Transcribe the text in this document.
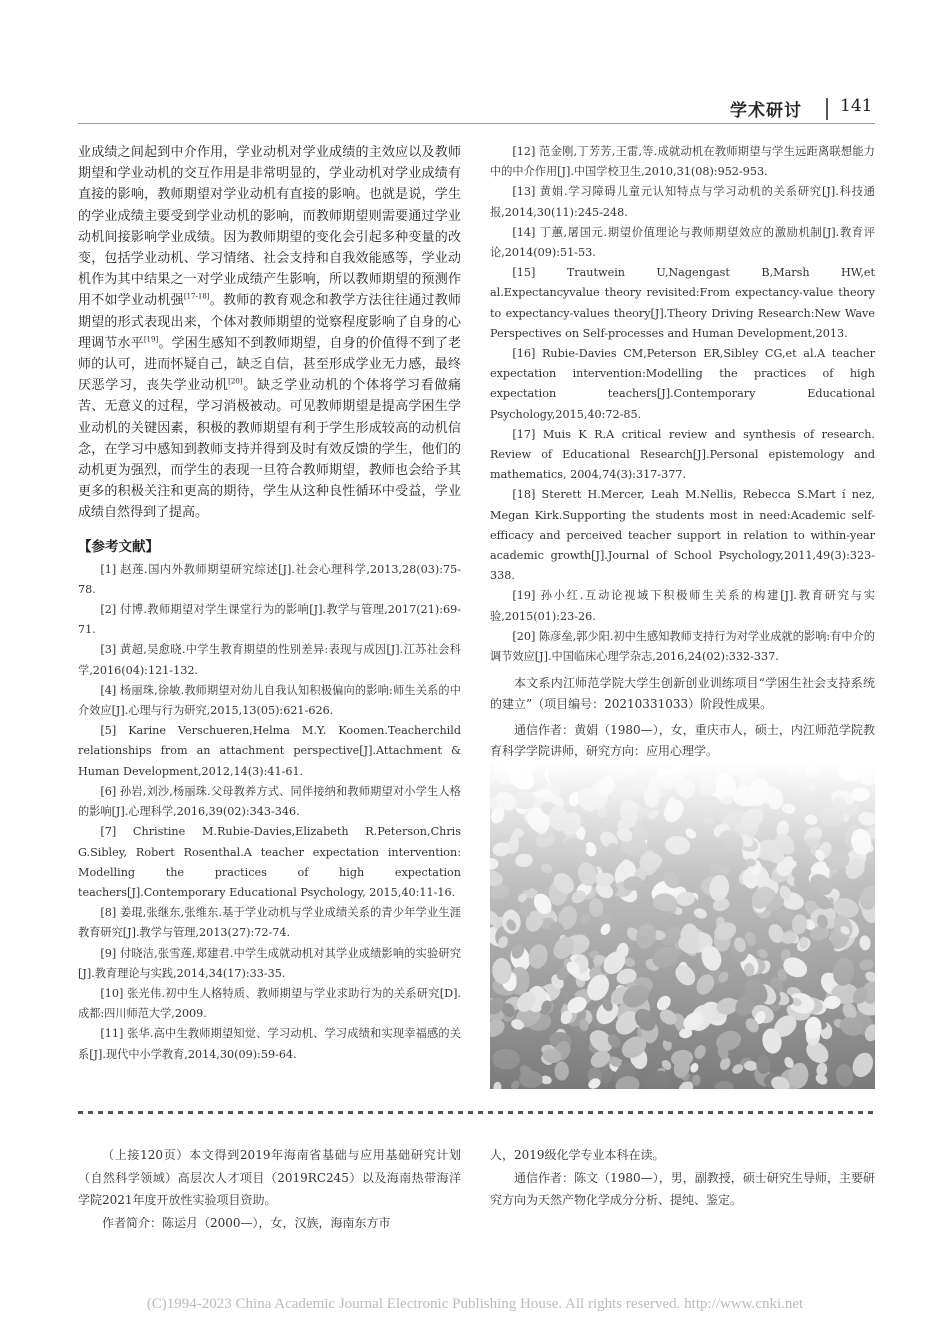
学术研讨 141

业成绩之间起到中介作用，学业动机对学业成绩的主效应以及教师期望和学业动机的交互作用是非常明显的，学业动机对学业成绩有直接的影响，教师期望对学业动机有直接的影响。也就是说，学生的学业成绩主要受到学业动机的影响，而教师期望则需要通过学业动机间接影响学业成绩。因为教师期望的变化会引起多种变量的改变，包括学业动机、学习情绪、社会支持和自我效能感等，学业动机作为其中结果之一对学业成绩产生影响，所以教师期望的预测作用不如学业动机强[17-18]。教师的教育观念和教学方法往往通过教师期望的形式表现出来，个体对教师期望的觉察程度影响了自身的心理调节水平[19]。学困生感知不到教师期望，自身的价值得不到了老师的认可，进而怀疑自己，缺乏自信，甚至形成学业无力感，最终厌恶学习，丧失学业动机[20]。缺乏学业动机的个体将学习看做痛苦、无意义的过程，学习消极被动。可见教师期望是提高学困生学业动机的关键因素，积极的教师期望有利于学生形成较高的动机信念，在学习中感知到教师支持并得到及时有效反馈的学生，他们的动机更为强烈，而学生的表现一旦符合教师期望，教师也会给予其更多的积极关注和更高的期待，学生从这种良性循环中受益，学业成绩自然得到了提高。

【参考文献】

[1] 赵莲.国内外教师期望研究综述[J].社会心理科学,2013,28(03):75-78.

[2] 付博.教师期望对学生课堂行为的影响[J].教学与管理,2017(21):69-71.

[3] 黄超,吴愈晓.中学生教育期望的性别差异:表现与成因[J].江苏社会科学,2016(04):121-132.

[4] 杨丽珠,徐敏.教师期望对幼儿自我认知积极偏向的影响:师生关系的中介效应[J].心理与行为研究,2015,13(05):621-626.

[5] Karine Verschueren,Helma M.Y. Koomen.Teacherchild relationships from an attachment perspective[J].Attachment & Human Development,2012,14(3):41-61.

[6] 孙岩,刘沙,杨丽珠.父母教养方式、同伴接纳和教师期望对小学生人格的影响[J].心理科学,2016,39(02):343-346.

[7] Christine M.Rubie-Davies,Elizabeth R.Peterson,Chris G.Sibley, Robert Rosenthal.A teacher expectation intervention: Modelling the practices of high expectation teachers[J].Contemporary Educational Psychology, 2015,40:11-16.

[8] 姜琨,张继东,张维东.基于学业动机与学业成绩关系的青少年学业生涯教育研究[J].教学与管理,2013(27):72-74.

[9] 付晓洁,张雪莲,郑建君.中学生成就动机对其学业成绩影响的实验研究[J].教育理论与实践,2014,34(17):33-35.

[10] 张光伟.初中生人格特质、教师期望与学业求助行为的关系研究[D].成都:四川师范大学,2009.

[11] 张华.高中生教师期望知觉、学习动机、学习成绩和实现幸福感的关系[J].现代中小学教育,2014,30(09):59-64.

[12] 范金刚,丁芳芳,王雷,等.成就动机在教师期望与学生远距离联想能力中的中介作用[J].中国学校卫生,2010,31(08):952-953.

[13] 黄娟.学习障碍儿童元认知特点与学习动机的关系研究[J].科技通报,2014,30(11):245-248.

[14] 丁蕙,屠国元.期望价值理论与教师期望效应的激励机制[J].教育评论,2014(09):51-53.

[15] Trautwein U,Nagengast B,Marsh HW,et al.Expectancyvalue theory revisited:From expectancy-value theory to expectancy-values theory[J].Theory Driving Research:New Wave Perspectives on Self-processes and Human Development,2013.

[16] Rubie-Davies CM,Peterson ER,Sibley CG,et al.A teacher expectation intervention:Modelling the practices of high expectation teachers[J].Contemporary Educational Psychology,2015,40:72-85.

[17] Muis K R.A critical review and synthesis of research. Review of Educational Research[J].Personal epistemology and mathematics, 2004,74(3):317-377.

[18] Sterett H.Mercer, Leah M.Nellis, Rebecca S.Mart í nez, Megan Kirk.Supporting the students most in need:Academic self-efficacy and perceived teacher support in relation to within-year academic growth[J].Journal of School Psychology,2011,49(3):323-338.

[19] 孙小红.互动论视域下积极师生关系的构建[J].教育研究与实验,2015(01):23-26.

[20] 陈彦垒,郭少阳.初中生感知教师支持行为对学业成就的影响:有中介的调节效应[J].中国临床心理学杂志,2016,24(02):332-337.

本文系内江师范学院大学生创新创业训练项目“学困生社会支持系统的建立”（项目编号：20210331033）阶段性成果。

通信作者：黄娟（1980—），女，重庆市人，硕士，内江师范学院教育科学学院讲师，研究方向：应用心理学。

（上接120页）本文得到2019年海南省基础与应用基础研究计划（自然科学领域）高层次人才项目（2019RC245）以及海南热带海洋学院2021年度开放性实验项目资助。

作者简介：陈运月（2000—），女，汉族，海南东方市

人，2019级化学专业本科在读。

通信作者：陈文（1980—），男，副教授，硕士研究生导师，主要研究方向为天然产物化学成分分析、提纯、鉴定。

(C)1994-2023 China Academic Journal Electronic Publishing House. All rights reserved. http://www.cnki.net
